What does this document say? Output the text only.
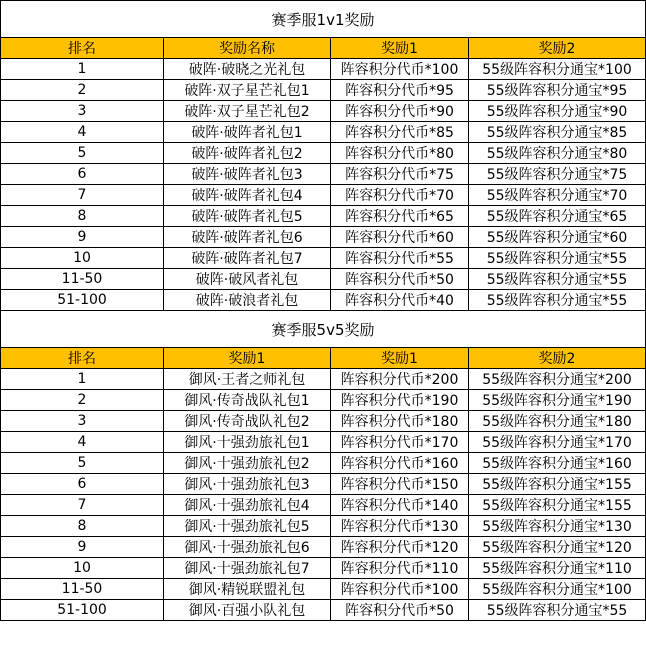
赛季服1v1奖励			
排名	奖励名称	奖励1	奖励2
1	破阵·破晓之光礼包	阵容积分代币*100	55级阵容积分通宝*100
2	破阵·双子星芒礼包1	阵容积分代币*95	55级阵容积分通宝*95
3	破阵·双子星芒礼包2	阵容积分代币*90	55级阵容积分通宝*90
4	破阵·破阵者礼包1	阵容积分代币*85	55级阵容积分通宝*85
5	破阵·破阵者礼包2	阵容积分代币*80	55级阵容积分通宝*80
6	破阵·破阵者礼包3	阵容积分代币*75	55级阵容积分通宝*75
7	破阵·破阵者礼包4	阵容积分代币*70	55级阵容积分通宝*70
8	破阵·破阵者礼包5	阵容积分代币*65	55级阵容积分通宝*65
9	破阵·破阵者礼包6	阵容积分代币*60	55级阵容积分通宝*60
10	破阵·破阵者礼包7	阵容积分代币*55	55级阵容积分通宝*55
11-50	破阵·破风者礼包	阵容积分代币*50	55级阵容积分通宝*55
51-100	破阵·破浪者礼包	阵容积分代币*40	55级阵容积分通宝*55
赛季服5v5奖励			
排名	奖励1	奖励1	奖励2
1	御风·王者之师礼包	阵容积分代币*200	55级阵容积分通宝*200
2	御风·传奇战队礼包1	阵容积分代币*190	55级阵容积分通宝*190
3	御风·传奇战队礼包2	阵容积分代币*180	55级阵容积分通宝*180
4	御风·十强劲旅礼包1	阵容积分代币*170	55级阵容积分通宝*170
5	御风·十强劲旅礼包2	阵容积分代币*160	55级阵容积分通宝*160
6	御风·十强劲旅礼包3	阵容积分代币*150	55级阵容积分通宝*155
7	御风·十强劲旅礼包4	阵容积分代币*140	55级阵容积分通宝*155
8	御风·十强劲旅礼包5	阵容积分代币*130	55级阵容积分通宝*130
9	御风·十强劲旅礼包6	阵容积分代币*120	55级阵容积分通宝*120
10	御风·十强劲旅礼包7	阵容积分代币*110	55级阵容积分通宝*110
11-50	御风·精锐联盟礼包	阵容积分代币*100	55级阵容积分通宝*100
51-100	御风·百强小队礼包	阵容积分代币*50	55级阵容积分通宝*55
